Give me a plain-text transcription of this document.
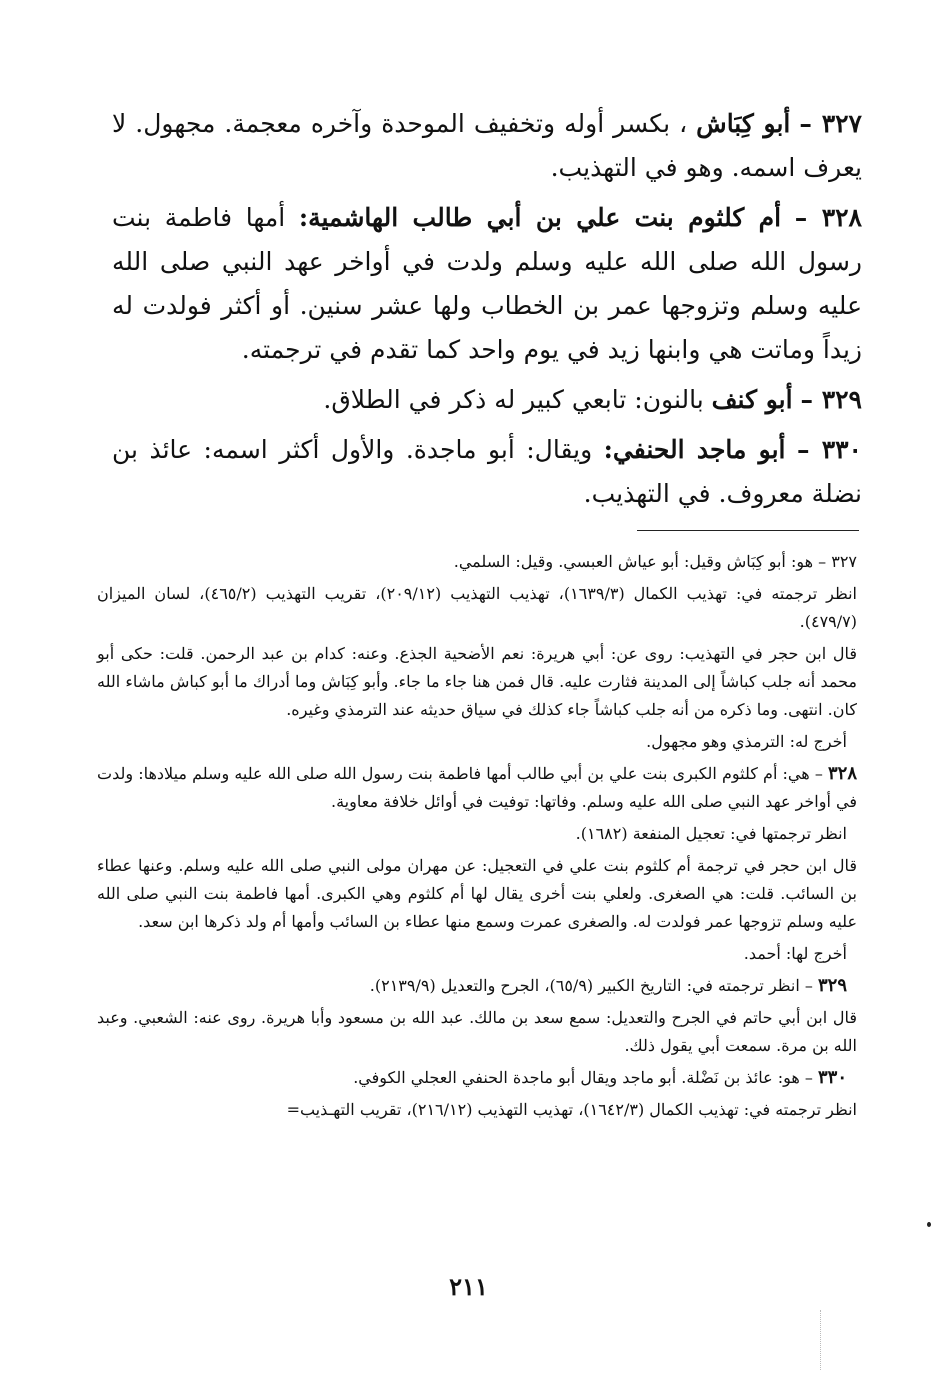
٣٢٧ – أبو كِبَاش ، بكسر أوله وتخفيف الموحدة وآخره معجمة. مجهول. لا يعرف اسمه. وهو في التهذيب.

٣٢٨ – أم كلثوم بنت علي بن أبي طالب الهاشمية: أمها فاطمة بنت رسول الله صلى الله عليه وسلم ولدت في أواخر عهد النبي صلى الله عليه وسلم وتزوجها عمر بن الخطاب ولها عشر سنين. أو أكثر فولدت له زيداً وماتت هي وابنها زيد في يوم واحد كما تقدم في ترجمته.

٣٢٩ – أبو كنف بالنون: تابعي كبير له ذكر في الطلاق.

٣٣٠ – أبو ماجد الحنفي: ويقال: أبو ماجدة. والأول أكثر اسمه: عائذ بن نضلة معروف. في التهذيب.

٣٢٧ – هو: أبو كِبَاش وقيل: أبو عياش العبسي. وقيل: السلمي.

انظر ترجمته في: تهذيب الكمال (١٦٣٩/٣)، تهذيب التهذيب (٢٠٩/١٢)، تقريب التهذيب (٤٦٥/٢)، لسان الميزان (٤٧٩/٧).

قال ابن حجر في التهذيب: روى عن: أبي هريرة: نعم الأضحية الجذع. وعنه: كدام بن عبد الرحمن. قلت: حكى أبو محمد أنه جلب كباشاً إلى المدينة فثارت عليه. قال فمن هنا جاء ما جاء. وأبو كِبَاش وما أدراك ما أبو كباش ماشاء الله كان. انتهى. وما ذكره من أنه جلب كباشاً جاء كذلك في سياق حديثه عند الترمذي وغيره.

أخرج له: الترمذي وهو مجهول.

٣٢٨ – هي: أم كلثوم الكبرى بنت علي بن أبي طالب أمها فاطمة بنت رسول الله صلى الله عليه وسلم ميلادها: ولدت في أواخر عهد النبي صلى الله عليه وسلم. وفاتها: توفيت في أوائل خلافة معاوية.

انظر ترجمتها في: تعجيل المنفعة (١٦٨٢).

قال ابن حجر في ترجمة أم كلثوم بنت علي في التعجيل: عن مهران مولى النبي صلى الله عليه وسلم. وعنها عطاء بن السائب. قلت: هي الصغرى. ولعلي بنت أخرى يقال لها أم كلثوم وهي الكبرى. أمها فاطمة بنت النبي صلى الله عليه وسلم تزوجها عمر فولدت له. والصغرى عمرت وسمع منها عطاء بن السائب وأمها أم ولد ذكرها ابن سعد.

أخرج لها: أحمد.

٣٢٩ – انظر ترجمته في: التاريخ الكبير (٦٥/٩)، الجرح والتعديل (٢١٣٩/٩).

قال ابن أبي حاتم في الجرح والتعديل: سمع سعد بن مالك. عبد الله بن مسعود وأبا هريرة. روى عنه: الشعبي. وعبد الله بن مرة. سمعت أبي يقول ذلك.

٣٣٠ – هو: عائذ بن نَضْلة. أبو ماجد ويقال أبو ماجدة الحنفي العجلي الكوفي.

انظر ترجمته في: تهذيب الكمال (١٦٤٢/٣)، تهذيب التهذيب (٢١٦/١٢)، تقريب التهـذيب=

٢١١
